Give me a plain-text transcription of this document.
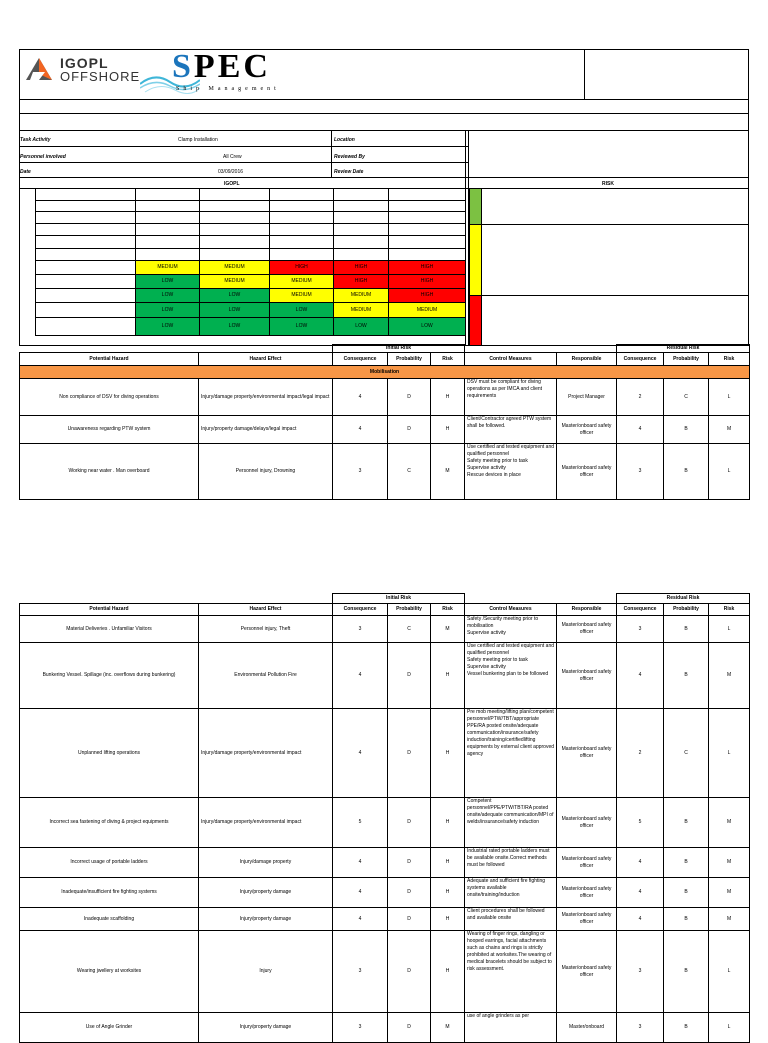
IGOPL
OFFSHORE SPEC
Ship Management
Task Activity	Clamp Installation	Location
Personnel involved	All Crew	Reviewed By
Date	03/09/2016	Review Date
IGOPL	RISK

	MEDIUM	MEDIUM	HIGH	HIGH	HIGH
	LOW	MEDIUM	MEDIUM	HIGH	HIGH
	LOW	LOW	MEDIUM	MEDIUM	HIGH
	LOW	LOW	LOW	MEDIUM	MEDIUM
	LOW	LOW	LOW	LOW	LOW
		Initial Risk					Residual Risk		
Potential Hazard	Hazard Effect	Consequence	Probability	Risk	Control Measures	Responsible	Consequence	Probability	Risk
Mobilisation									
Non compliance of DSV for diving operations	Injury/damage property/environmental impact/legal impact	4	D	H	DSV must be compliant for diving operations as per IMCA and client requirements	Project Manager	2	C	L
Unawareness regarding PTW system	Injury/property damage/delays/legal impact	4	D	H	Client/Contractor agreed PTW system shall be followed.	Master/onboard safety officer	4	B	M
Working near water . Man overboard	Personnel injury, Drowning	3	C	M	Use certified and tested equipment and qualified personnel
Safety meeting prior to task
Supervise activity
Rescue devices in place	Master/onboard safety officer	3	B	L
		Initial Risk					Residual Risk		
Potential Hazard	Hazard Effect	Consequence	Probability	Risk	Control Measures	Responsible	Consequence	Probability	Risk
Material Deliveries . Unfamiliar Visitors	Personnel injury, Theft	3	C	M	Safety /Security meeting prior to mobilisation
Supervise activity	Master/onboard safety officer	3	B	L
Bunkering Vessel. Spillage (inc. overflows during bunkering)	Environmental Pollution Fire	4	D	H	Use certified and tested equipment and qualified personnel
Safety meeting prior to task
Supervise activity
Vessel bunkering plan to be followed	Master/onboard safety officer	4	B	M
Unplanned lifting operations	Injury/damage property/environmental impact	4	D	H	Pre mob meeting/lifting plan/competent personnel/PTW/TBT/appropriate PPE/RA posted onsite/adequate communication/insurance/safety induction/training/certifiedlifting equipments by external client approved agency	Master/onboard safety officer	2	C	L
Incorrect sea fastening of diving & project equipments	Injury/damage property/environmental impact	5	D	H	Competent personnel/PPE/PTW/TBT/RA posted onsite/adequate communication/MPI of welds/insurance/safety induction	Master/onboard safety officer	5	B	M
Incorrect usage of portable ladders	Injury/damage property	4	D	H	Industrial rated portable ladders must be available onsite.Correct methods must be followed	Master/onboard safety officer	4	B	M
Inadequate/insufficient fire fighting systems	Injury/property damage	4	D	H	Adequate and sufficient fire fighting systems available onsite/training/induction	Master/onboard safety officer	4	B	M
Inadequate scaffolding	Injury/property damage	4	D	H	Client procedures shall be followed and available onsite	Master/onboard safety officer	4	B	M
Wearing jwellery at worksites	Injury	3	D	H	Wearing of finger rings, dangling or hooped earrings, facial attachments such as chains and rings is strictly prohibited at worksites.The wearing of medical bracelets should be subject to risk assessment.	Master/onboard safety officer	3	B	L
Use of Angle Grinder	Injury/property damage	3	D	M	use of angle grinders as per	Master/onboard	3	B	L
